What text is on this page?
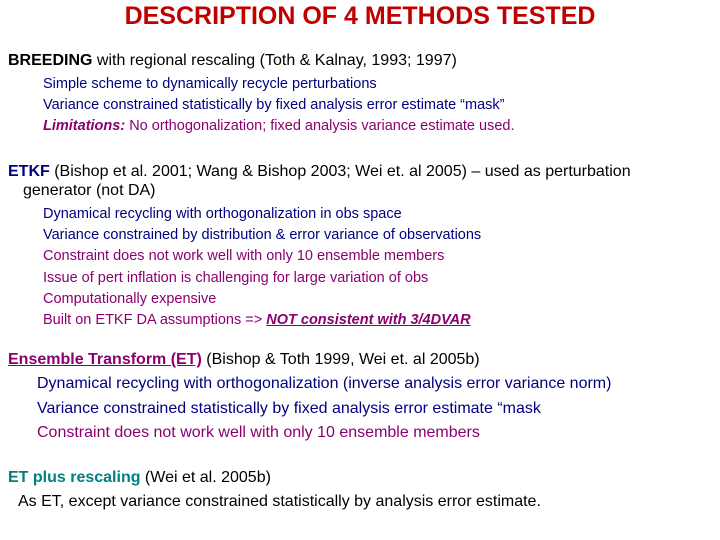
DESCRIPTION OF 4 METHODS TESTED
BREEDING with regional rescaling (Toth & Kalnay, 1993; 1997)
Simple scheme to dynamically recycle perturbations
Variance constrained statistically by fixed analysis error estimate “mask”
Limitations: No orthogonalization; fixed analysis variance estimate used.
ETKF (Bishop et al. 2001; Wang & Bishop 2003; Wei et. al 2005) – used as perturbation
generator (not DA)
Dynamical recycling with orthogonalization in obs space
Variance constrained by distribution & error variance of observations
Constraint does not work well with only 10 ensemble members
Issue of pert inflation is challenging for large variation of obs
Computationally expensive
Built on ETKF DA assumptions => NOT consistent with 3/4DVAR
Ensemble Transform (ET) (Bishop & Toth 1999, Wei et. al 2005b)
Dynamical recycling with orthogonalization (inverse analysis error variance norm)
Variance constrained statistically by fixed analysis error estimate “mask
Constraint does not work well with only 10 ensemble members
ET plus rescaling (Wei et al. 2005b)
As ET, except variance constrained statistically by analysis error estimate.
